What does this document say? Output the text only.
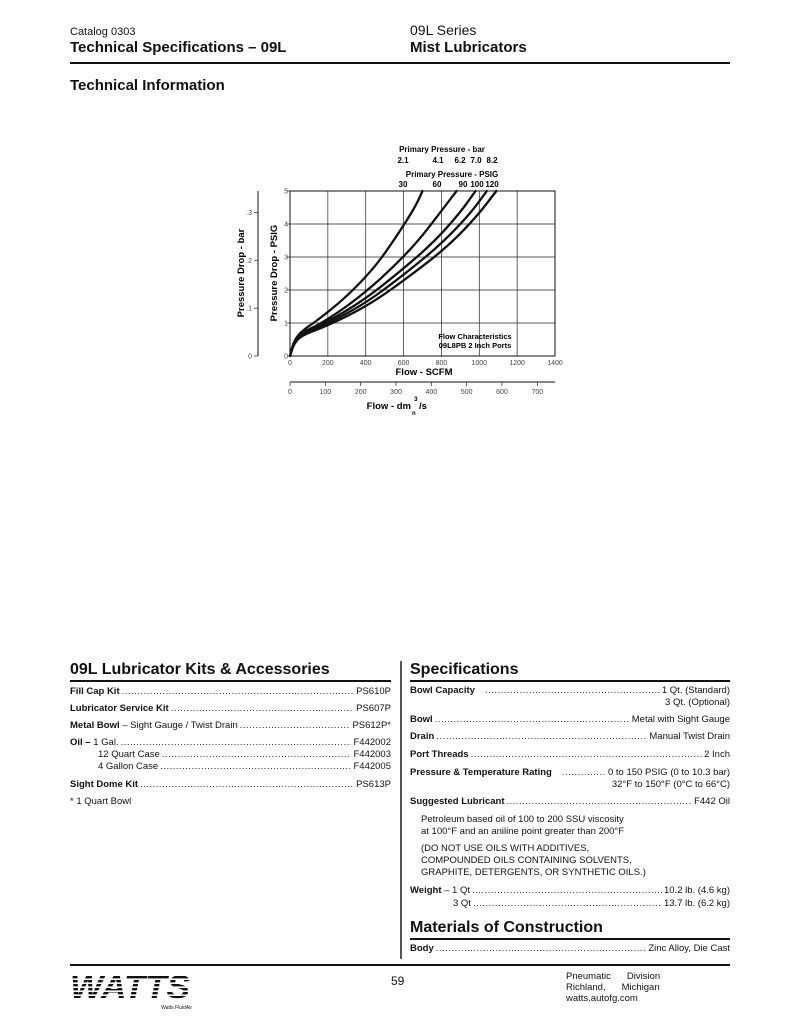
Catalog 0303
Technical Specifications – 09L
09L Series
Mist Lubricators
Technical Information
Primary Pressure - bar
2.1	4.1 6.2 7.0 8.2
Primary Pressure - PSIG
30	60 90 100 120
0	200	400	600	800	1000	1200	1400
0
1
2
3
4
5
0
.1
.2
.3
0	100	200	300	400	500	600	700
Flow Characteristics
09L8PB 2 Inch Ports
Pressure Drop - bar Pressure Drop - PSIG
Flow - SCFM
Flow - dm
3
/s
n
09L Lubricator Kits & Accessories
Fill Cap Kit .....	PS610P
Lubricator Service Kit .....	PS607P
Metal Bowl – Sight Gauge / Twist Drain .....	PS612P*
Oil – 1 Gal. .....	F442002
12 Quart Case .....	F442003
4 Gallon Case .....	F442005
Sight Dome Kit .....	PS613P
* 1 Quart Bowl
Specifications
Bowl Capacity .....	1 Qt. (Standard)
3 Qt. (Optional)
Bowl .....	Metal with Sight Gauge
Drain .....	Manual Twist Drain
Port Threads .....	2 Inch
Pressure & Temperature Rating .....	0 to 150 PSIG (0 to 10.3 bar)
32°F to 150°F (0°C to 66°C)
Suggested Lubricant .....	F442 Oil
Petroleum based oil of 100 to 200 SSU viscosity
at 100°F and an aniline point greater than 200°F
(DO NOT USE OILS WITH ADDITIVES,
COMPOUNDED OILS CONTAINING SOLVENTS,
GRAPHITE, DETERGENTS, OR SYNTHETIC OILS.)
Weight – 1 Qt .....	10.2 lb. (4.6 kg)
3 Qt .....	13.7 lb. (6.2 kg)
Materials of Construction
Body .....	Zinc Alloy, Die Cast
WATTS
Watts FluidAir
59	Pneumatic Division
Richland, Michigan
watts.autofg.com
